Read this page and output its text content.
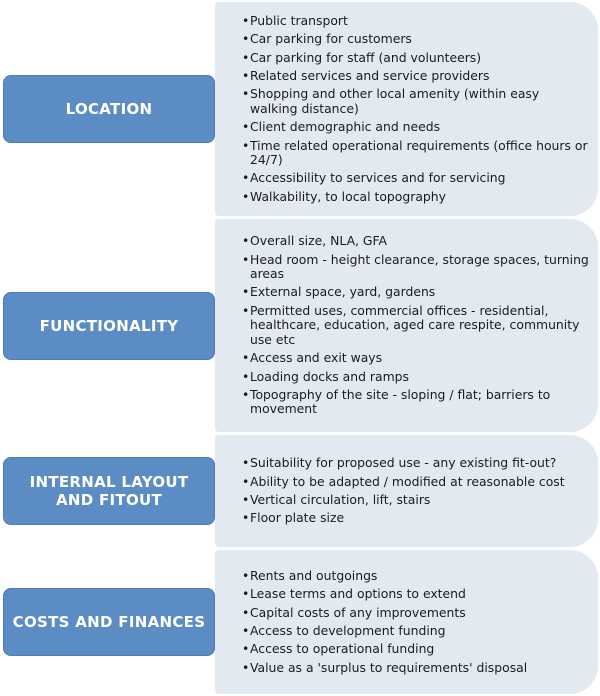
• Public transport
• Car parking for customers
• Car parking for staff (and volunteers)
• Related services and service providers
• Shopping and other local amenity (within easy walking distance)
• Client demographic and needs
• Time related operational requirements (office hours or 24/7)
• Accessibility to services and for servicing
• Walkability, to local topography
LOCATION
• Overall size, NLA, GFA
• Head room - height clearance, storage spaces, turning areas
• External space, yard, gardens
• Permitted uses, commercial offices - residential, healthcare, education, aged care respite, community use etc
• Access and exit ways
• Loading docks and ramps
• Topography of the site - sloping / flat; barriers to movement
FUNCTIONALITY
• Suitability for proposed use - any existing fit-out?
• Ability to be adapted / modified at reasonable cost
• Vertical circulation, lift, stairs
• Floor plate size
INTERNAL LAYOUT AND FITOUT
• Rents and outgoings
• Lease terms and options to extend
• Capital costs of any improvements
• Access to development funding
• Access to operational funding
• Value as a 'surplus to requirements' disposal
COSTS AND FINANCES
